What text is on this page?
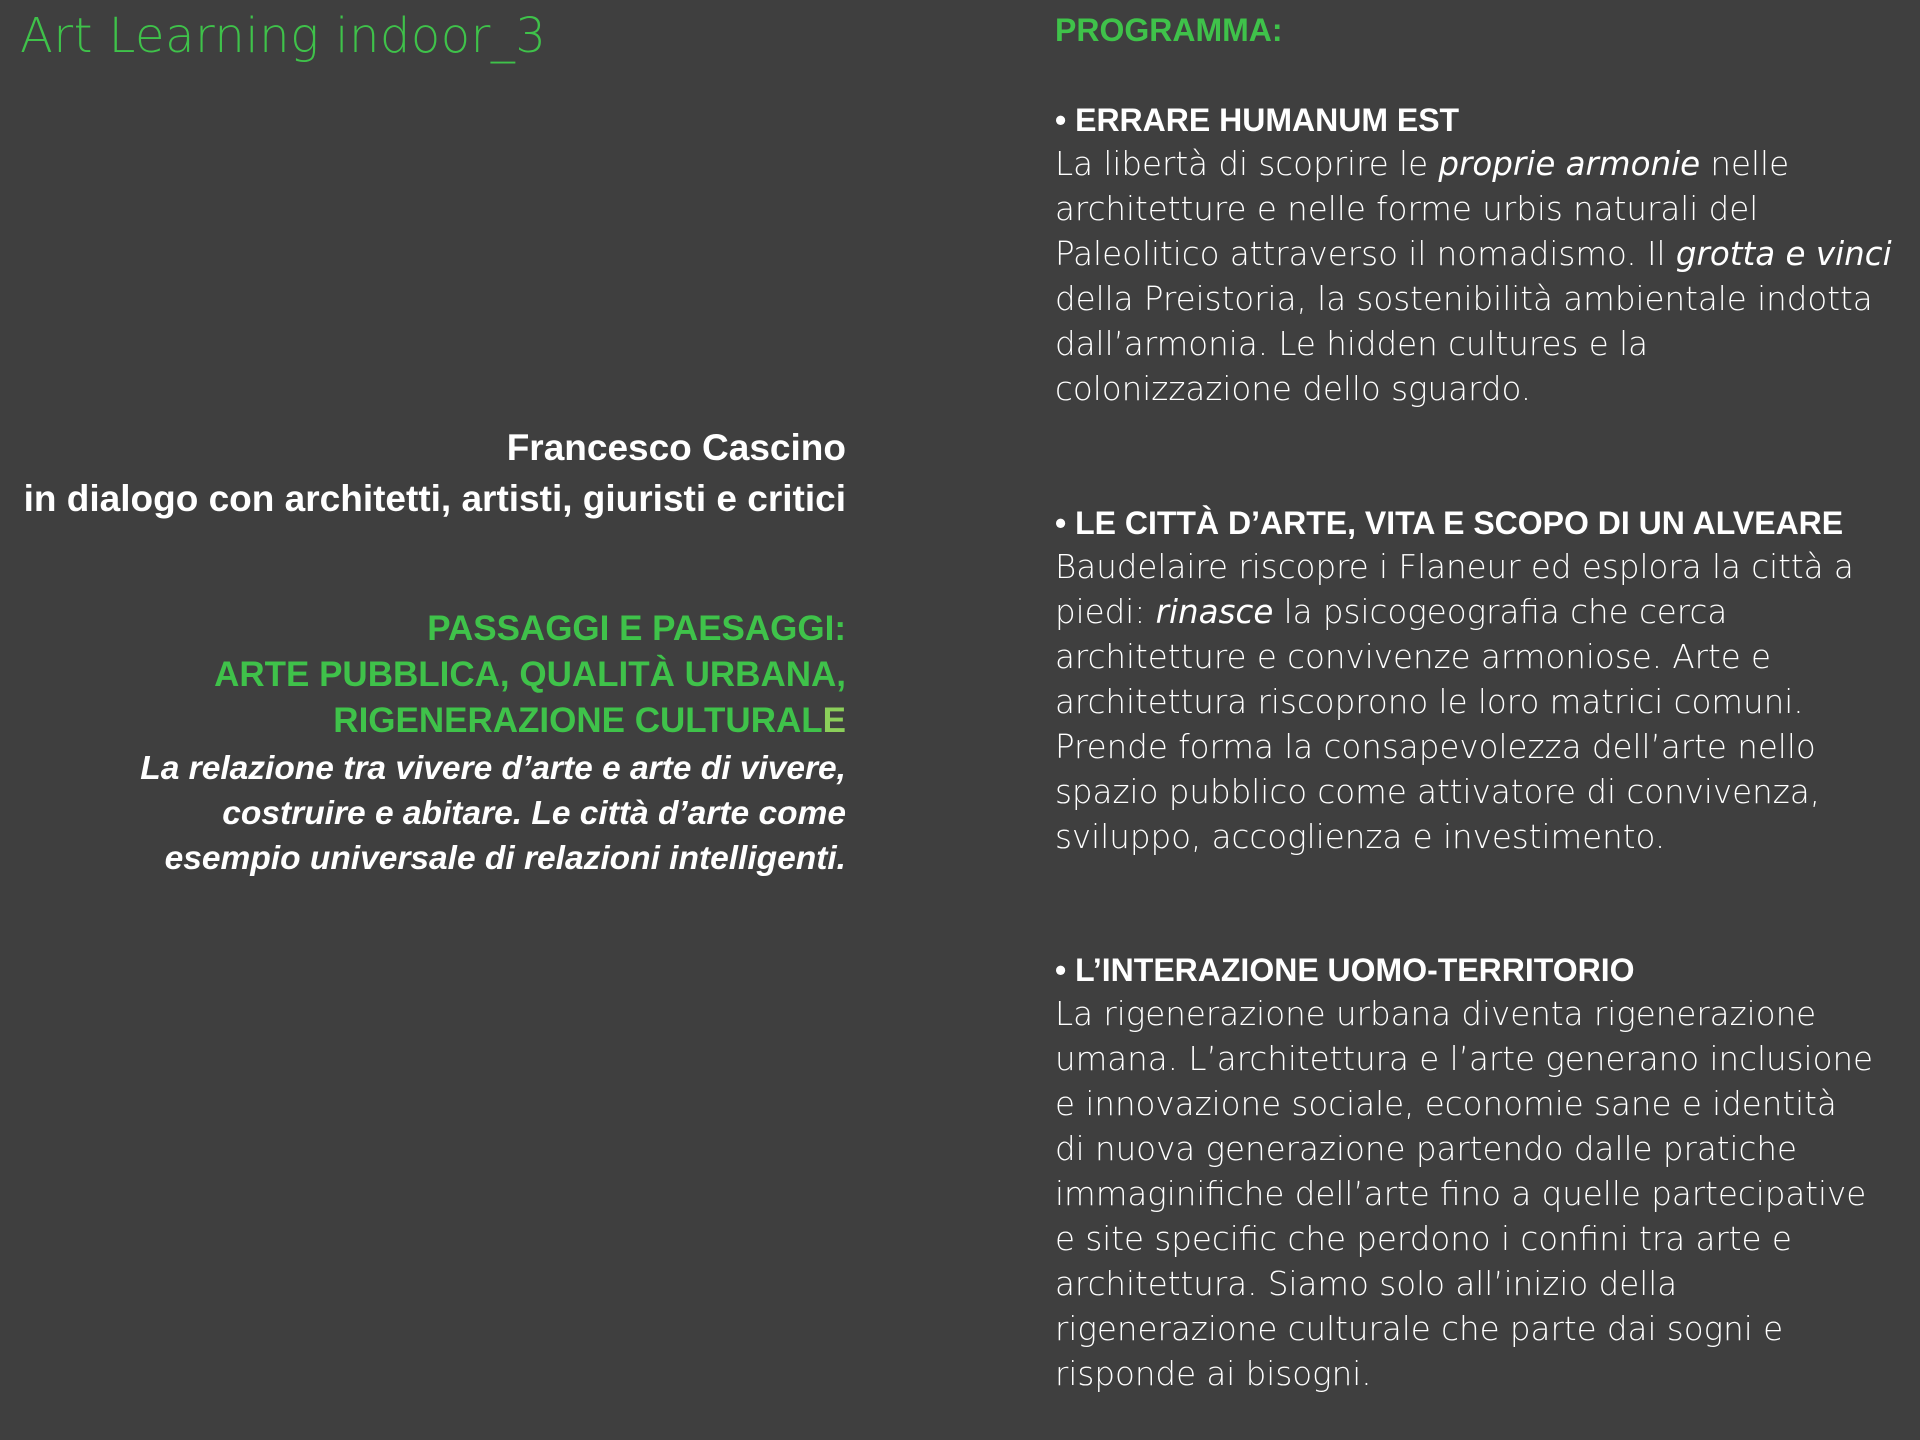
Art Learning indoor_3
Francesco Cascino
in dialogo con architetti, artisti, giuristi e critici
PASSAGGI E PAESAGGI:
ARTE PUBBLICA, QUALITÀ URBANA,
RIGENERAZIONE CULTURALE
La relazione tra vivere d’arte e arte di vivere,
costruire e abitare. Le città d’arte come
esempio universale di relazioni intelligenti.
PROGRAMMA:
• ERRARE HUMANUM EST
La libertà di scoprire le proprie armonie nelle
architetture e nelle forme urbis naturali del
Paleolitico attraverso il nomadismo. Il grotta e vinci
della Preistoria, la sostenibilità ambientale indotta
dall’armonia. Le hidden cultures e la
colonizzazione dello sguardo.
• LE CITTÀ D’ARTE, VITA E SCOPO DI UN ALVEARE
Baudelaire riscopre i Flaneur ed esplora la città a
piedi: rinasce la psicogeografia che cerca
architetture e convivenze armoniose. Arte e
architettura riscoprono le loro matrici comuni.
Prende forma la consapevolezza dell’arte nello
spazio pubblico come attivatore di convivenza,
sviluppo, accoglienza e investimento.
• L’INTERAZIONE UOMO-TERRITORIO
La rigenerazione urbana diventa rigenerazione
umana. L’architettura e l’arte generano inclusione
e innovazione sociale, economie sane e identità
di nuova generazione partendo dalle pratiche
immaginifiche dell’arte fino a quelle partecipative
e site specific che perdono i confini tra arte e
architettura. Siamo solo all’inizio della
rigenerazione culturale che parte dai sogni e
risponde ai bisogni.
